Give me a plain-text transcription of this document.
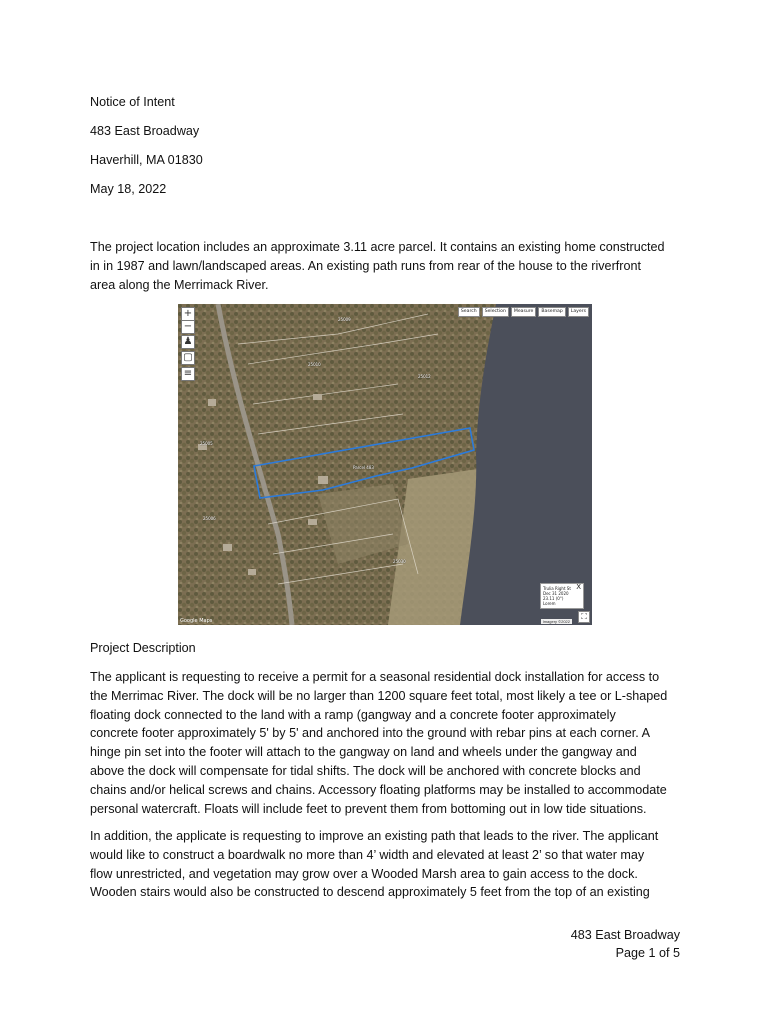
Notice of Intent
483 East Broadway
Haverhill, MA 01830
May 18, 2022
The project location includes an approximate 3.11 acre parcel. It contains an existing home constructed
in in 1987 and lawn/landscaped areas. An existing path runs from rear of the house to the riverfront
area along the Merrimack River.
+
−
♟
▢
≡
Search	Selection	Measure	Basemap	Layers
25009
25010
25012
Parcel 483
25030
25006
25005
X
Trulia Right St
Dec 31 2020
23.11 (0°)
Lorem
Google Maps	Imagery ©2022
⛶
Project Description
The applicant is requesting to receive a permit for a seasonal residential dock installation for access to
the Merrimac River. The dock will be no larger than 1200 square feet total, most likely a tee or L-shaped
floating dock connected to the land with a ramp (gangway and a concrete footer approximately
concrete footer approximately 5' by 5' and anchored into the ground with rebar pins at each corner. A
hinge pin set into the footer will attach to the gangway on land and wheels under the gangway and
above the dock will compensate for tidal shifts. The dock will be anchored with concrete blocks and
chains and/or helical screws and chains. Accessory floating platforms may be installed to accommodate
personal watercraft. Floats will include feet to prevent them from bottoming out in low tide situations.
In addition, the applicate is requesting to improve an existing path that leads to the river. The applicant
would like to construct a boardwalk no more than 4’ width and elevated at least 2’ so that water may
flow unrestricted, and vegetation may grow over a Wooded Marsh area to gain access to the dock.
Wooden stairs would also be constructed to descend approximately 5 feet from the top of an existing
483 East Broadway
Page 1 of 5
